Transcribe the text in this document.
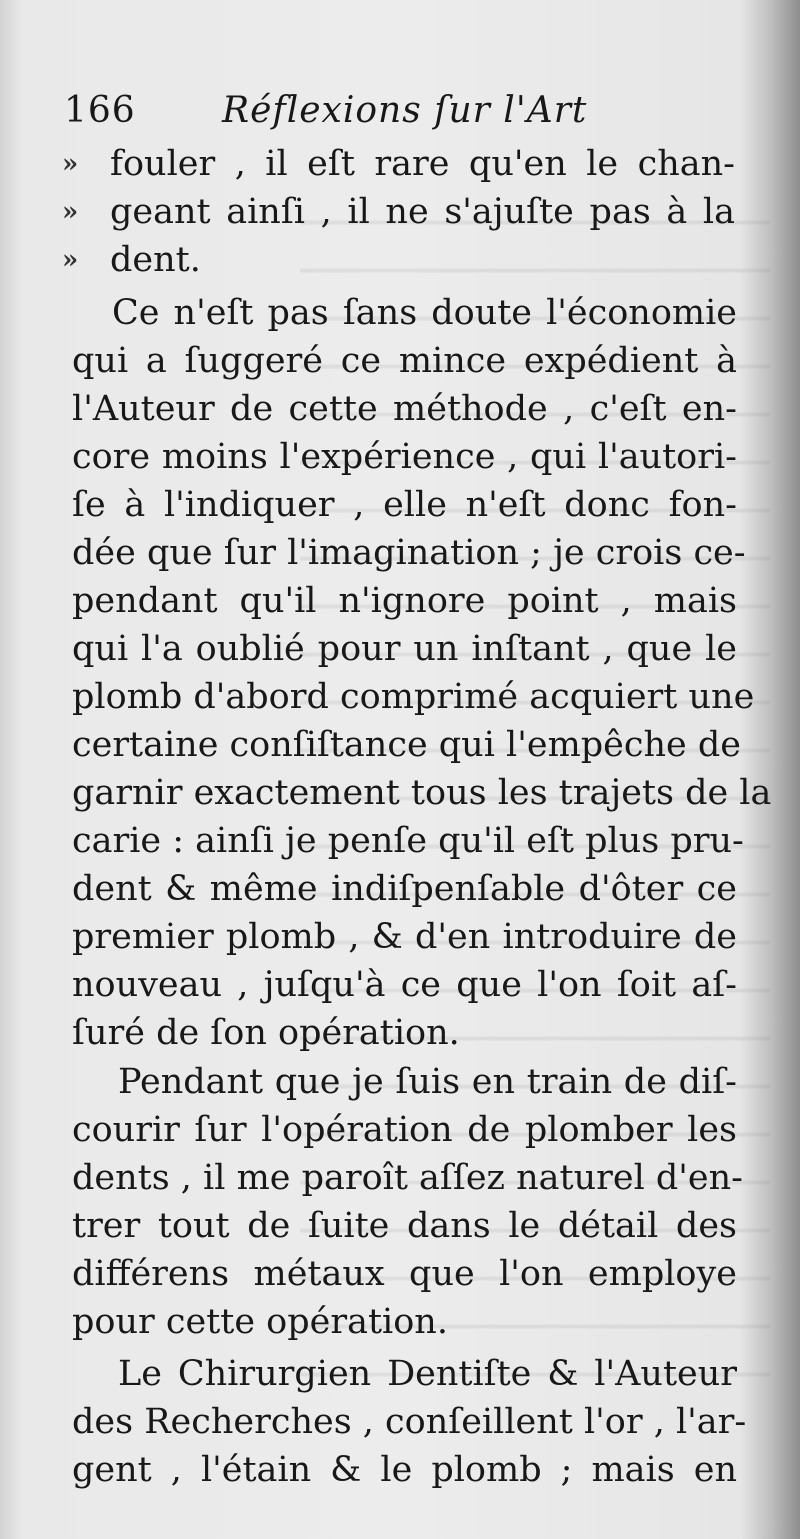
166 Réflexions ſur l'Art
» fouler , il eſt rare qu'en le chan-
» geant ainſi , il ne s'ajuſte pas à la
» dent.
Ce n'eſt pas ſans doute l'économie
qui a ſuggeré ce mince expédient à
l'Auteur de cette méthode , c'eſt en-
core moins l'expérience , qui l'autori-
ſe à l'indiquer , elle n'eſt donc fon-
dée que ſur l'imagination ; je crois ce-
pendant qu'il n'ignore point , mais
qui l'a oublié pour un inſtant , que le
plomb d'abord comprimé acquiert une
certaine conſiſtance qui l'empêche de
garnir exactement tous les trajets de la
carie : ainſi je penſe qu'il eſt plus pru-
dent & même indiſpenſable d'ôter ce
premier plomb , & d'en introduire de
nouveau , juſqu'à ce que l'on ſoit aſ-
ſuré de ſon opération.
Pendant que je ſuis en train de diſ-
courir ſur l'opération de plomber les
dents , il me paroît aſſez naturel d'en-
trer tout de ſuite dans le détail des
différens métaux que l'on employe
pour cette opération.
Le Chirurgien Dentiſte & l'Auteur
des Recherches , conſeillent l'or , l'ar-
gent , l'étain & le plomb ; mais en
